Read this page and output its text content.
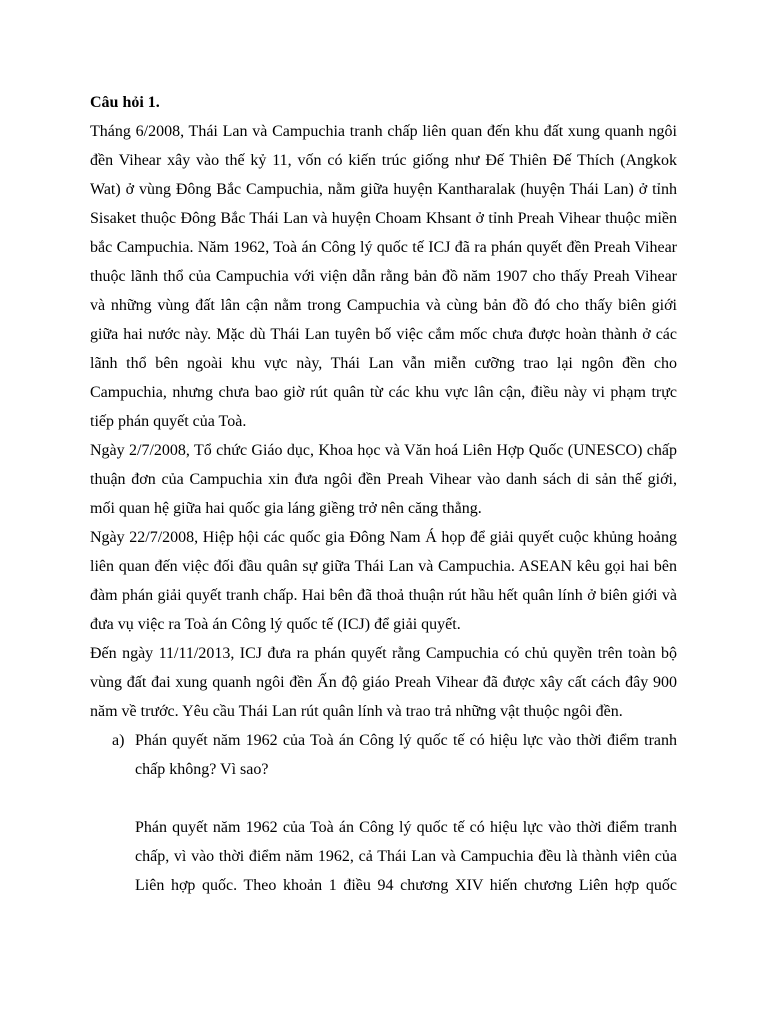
Câu hỏi 1.

Tháng 6/2008, Thái Lan và Campuchia tranh chấp liên quan đến khu đất xung quanh ngôi đền Vihear xây vào thế kỷ 11, vốn có kiến trúc giống như Đế Thiên Đế Thích (Angkok Wat) ở vùng Đông Bắc Campuchia, nằm giữa huyện Kantharalak (huyện Thái Lan) ở tỉnh Sisaket thuộc Đông Bắc Thái Lan và huyện Choam Khsant ở tỉnh Preah Vihear thuộc miền bắc Campuchia. Năm 1962, Toà án Công lý quốc tế ICJ đã ra phán quyết đền Preah Vihear thuộc lãnh thổ của Campuchia với viện dẫn rằng bản đồ năm 1907 cho thấy Preah Vihear và những vùng đất lân cận nằm trong Campuchia và cùng bản đồ đó cho thấy biên giới giữa hai nước này. Mặc dù Thái Lan tuyên bố việc cắm mốc chưa được hoàn thành ở các lãnh thổ bên ngoài khu vực này, Thái Lan vẫn miễn cưỡng trao lại ngôn đền cho Campuchia, nhưng chưa bao giờ rút quân từ các khu vực lân cận, điều này vi phạm trực tiếp phán quyết của Toà.

Ngày 2/7/2008, Tổ chức Giáo dục, Khoa học và Văn hoá Liên Hợp Quốc (UNESCO) chấp thuận đơn của Campuchia xin đưa ngôi đền Preah Vihear vào danh sách di sản thế giới, mối quan hệ giữa hai quốc gia láng giềng trở nên căng thẳng.

Ngày 22/7/2008, Hiệp hội các quốc gia Đông Nam Á họp để giải quyết cuộc khủng hoảng liên quan đến việc đối đầu quân sự giữa Thái Lan và Campuchia. ASEAN kêu gọi hai bên đàm phán giải quyết tranh chấp. Hai bên đã thoả thuận rút hầu hết quân lính ở biên giới và đưa vụ việc ra Toà án Công lý quốc tế (ICJ) để giải quyết.

Đến ngày 11/11/2013, ICJ đưa ra phán quyết rằng Campuchia có chủ quyền trên toàn bộ vùng đất đai xung quanh ngôi đền Ấn độ giáo Preah Vihear đã được xây cất cách đây 900 năm về trước. Yêu cầu Thái Lan rút quân lính và trao trả những vật thuộc ngôi đền.

a) Phán quyết năm 1962 của Toà án Công lý quốc tế có hiệu lực vào thời điểm tranh chấp không? Vì sao?

Phán quyết năm 1962 của Toà án Công lý quốc tế có hiệu lực vào thời điểm tranh chấp, vì vào thời điểm năm 1962, cả Thái Lan và Campuchia đều là thành viên của Liên hợp quốc. Theo khoản 1 điều 94 chương XIV hiến chương Liên hợp quốc
